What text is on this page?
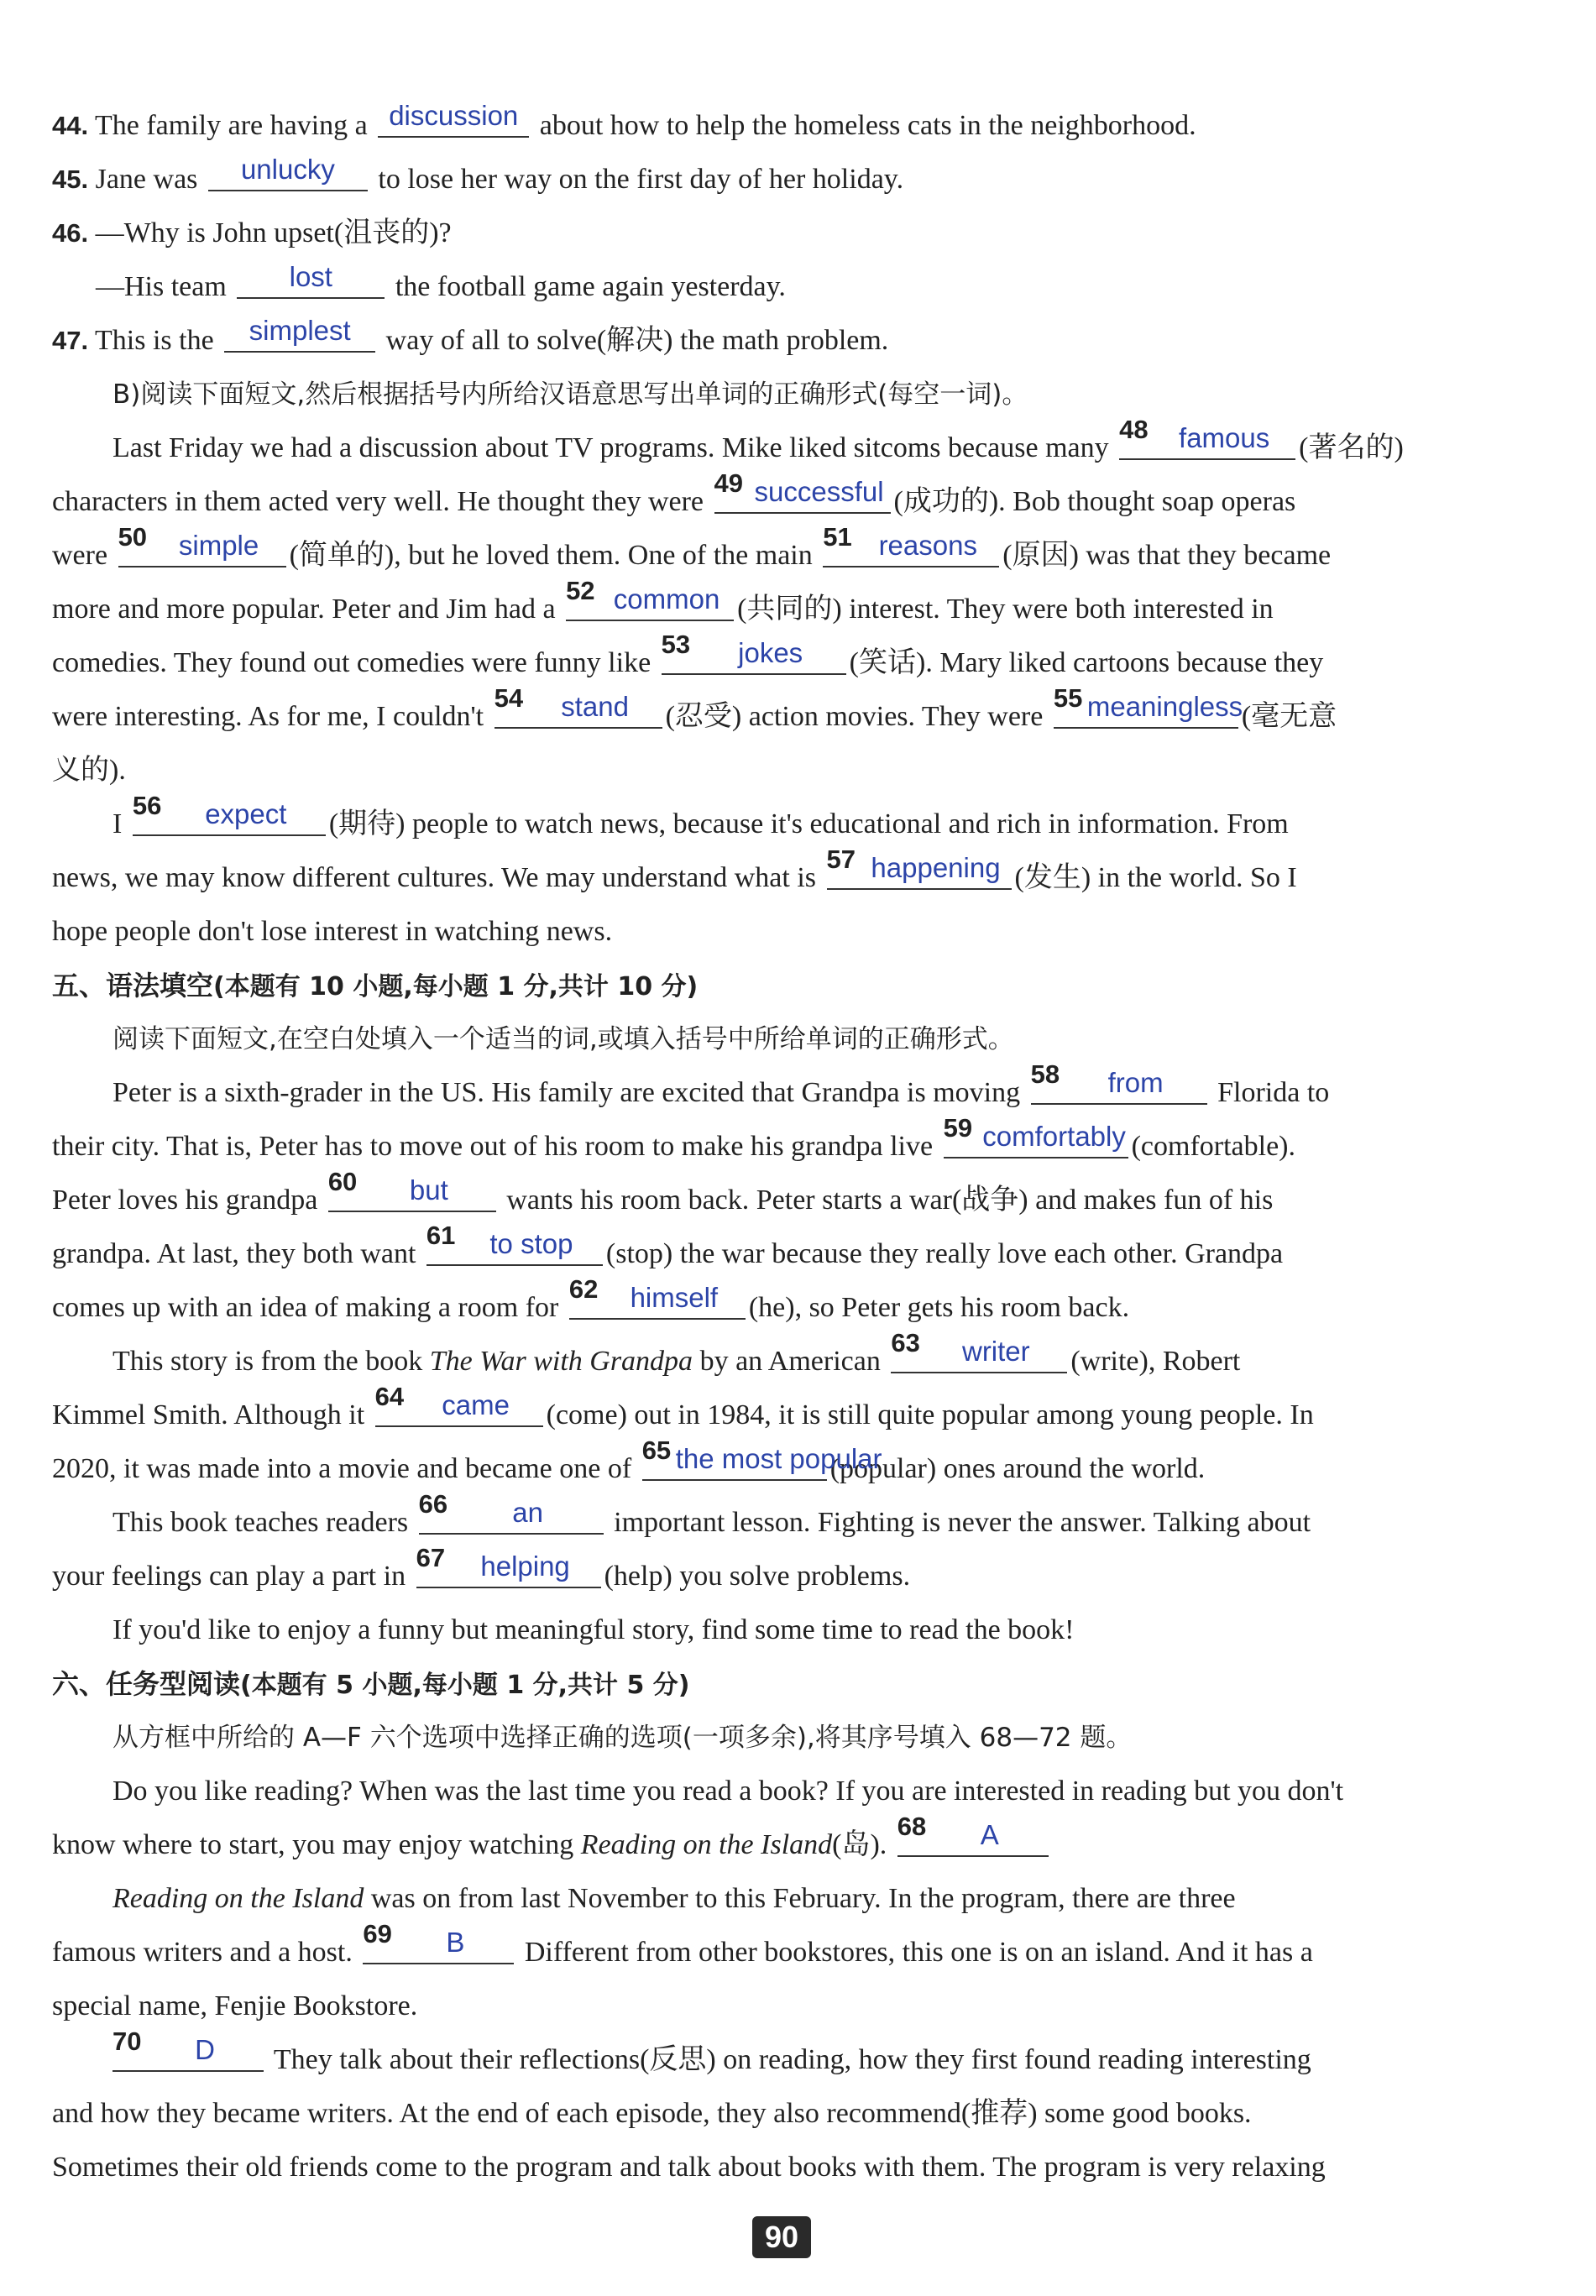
44. The family are having a discussion about how to help the homeless cats in the neighborhood.
45. Jane was	unlucky	to lose her way on the first day of her holiday.
46. —Why is John upset(沮丧的)?
—His team	lost	the football game again yesterday.
47. This is the	simplest	way of all to solve(解决) the math problem.
B)阅读下面短文,然后根据括号内所给汉语意思写出单词的正确形式(每空一词)。
Last Friday we had a discussion about TV programs. Mike liked sitcoms because many
48	famous	(著名的)
characters in them acted very well. He thought they were
49 successful (成功的). Bob thought soap operas
were
50	simple	(简单的), but he loved them. One of the main
51 reasons (原因) was that they became
more and more popular. Peter and Jim had a
52 common (共同的) interest. They were both interested in
comedies. They found out comedies were funny like
53	jokes	(笑话). Mary liked cartoons because they
were interesting. As for me, I couldn't
54	stand	(忍受) action movies. They were
55 meaningless
(毫无意
义的).
I
56	expect	(期待) people to watch news, because it's educational and rich in information. From
news, we may know different cultures. We may understand what is
57 happening (发生) in the world. So I
hope people don't lose interest in watching news.
五、语法填空(本题有 10 小题,每小题 1 分,共计 10 分)
阅读下面短文,在空白处填入一个适当的词,或填入括号中所给单词的正确形式。
Peter is a sixth-grader in the US. His family are excited that Grandpa is moving
58	from	Florida to
their city. That is, Peter has to move out of his room to make his grandpa live
59 comfortably (comfortable).
Peter loves his grandpa
60	but	wants his room back. Peter starts a war(战争) and makes fun of his
grandpa. At last, they both want
61	to stop	(stop) the war because they really love each other. Grandpa
comes up with an idea of making a room for
62	himself	(he), so Peter gets his room back.
This story is from the book The War with Grandpa by an American
63	writer	(write), Robert
Kimmel Smith. Although it
64	came	(come) out in 1984, it is still quite popular among young people. In
2020, it was made into a movie and became one of
65 the most popular
(popular) ones around the world.
This book teaches readers
66	an	important lesson. Fighting is never the answer. Talking about
your feelings can play a part in
67	helping	(help) you solve problems.
If you'd like to enjoy a funny but meaningful story, find some time to read the book!
六、任务型阅读(本题有 5 小题,每小题 1 分,共计 5 分)
从方框中所给的 A—F 六个选项中选择正确的选项(一项多余),将其序号填入 68—72 题。
Do you like reading? When was the last time you read a book? If you are interested in reading but you don't
know where to start, you may enjoy watching Reading on the Island(岛).
68	A
Reading on the Island was on from last November to this February. In the program, there are three
famous writers and a host.
69	B	Different from other bookstores, this one is on an island. And it has a
special name, Fenjie Bookstore.
70	D	They talk about their reflections(反思) on reading, how they first found reading interesting
and how they became writers. At the end of each episode, they also recommend(推荐) some good books.
Sometimes their old friends come to the program and talk about books with them. The program is very relaxing
90
